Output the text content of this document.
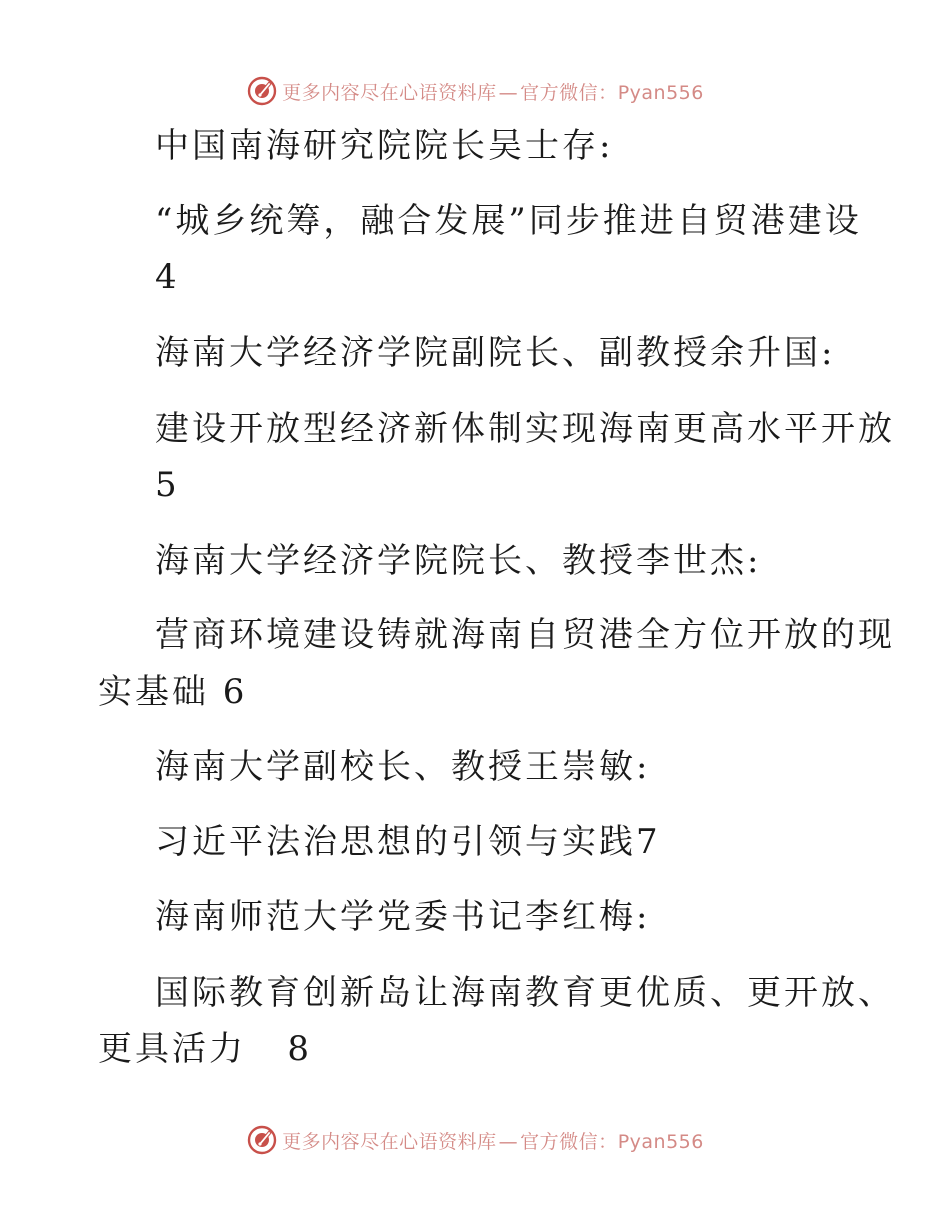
更多内容尽在心语资料库 — 官方微信：Pyan556
中国南海研究院院长吴士存:
“城乡统筹，融合发展”同步推进自贸港建设
4
海南大学经济学院副院长、副教授余升国:
建设开放型经济新体制实现海南更高水平开放
5
海南大学经济学院院长、教授李世杰:
营商环境建设铸就海南自贸港全方位开放的现
实基础 6
海南大学副校长、教授王崇敏:
习近平法治思想的引领与实践7
海南师范大学党委书记李红梅:
国际教育创新岛让海南教育更优质、更开放、
更具活力   8
更多内容尽在心语资料库 — 官方微信：Pyan556
